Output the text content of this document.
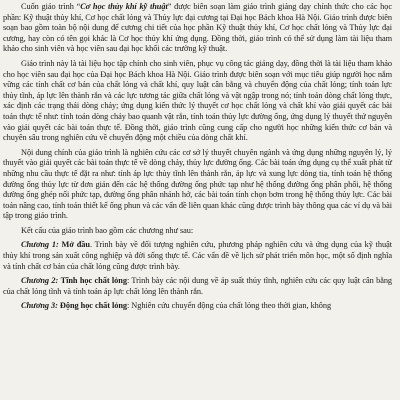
Cuốn giáo trình “Cơ học thủy khí kỹ thuật” được biên soạn làm giáo trình giảng dạy chính thức cho các học phần: Kỹ thuật thủy khí, Cơ học chất lỏng và Thủy lực đại cương tại Đại học Bách khoa Hà Nội. Giáo trình được biên soạn bao gồm toàn bộ nội dung để cương chi tiết của học phần Kỹ thuật thủy khí, Cơ học chất lỏng và Thủy lực đại cương, hay còn có tên gọi khác là Cơ học thủy khí ứng dụng. Đồng thời, giáo trình có thể sử dụng làm tài liệu tham khảo cho sinh viên và học viên sau đại học khối các trường kỹ thuật.

Giáo trình này là tài liệu học tập chính cho sinh viên, phục vụ công tác giảng dạy, đồng thời là tài liệu tham khảo cho học viên sau đại học của Đại học Bách khoa Hà Nội. Giáo trình được biên soạn với mục tiêu giúp người học nắm vững các tính chất cơ bản của chất lỏng và chất khí, quy luật cân bằng và chuyển động của chất lỏng; tính toán lực thủy tĩnh, áp lực lên thành rắn và các lực tương tác giữa chất lỏng và vật ngập trong nó; tính toán dòng chất lỏng thực, xác định các trạng thái dòng chảy; ứng dụng kiến thức lý thuyết cơ học chất lỏng và chất khí vào giải quyết các bài toán thực tế như: tính toán dòng chảy bao quanh vật rắn, tính toán thủy lực đường ống, ứng dụng lý thuyết thứ nguyên vào giải quyết các bài toán thực tế. Đồng thời, giáo trình cũng cung cấp cho người học những kiến thức cơ bản và chuyên sâu trong nghiên cứu về chuyển động một chiều của dòng chất khí.

Nội dung chính của giáo trình là nghiên cứu các cơ sở lý thuyết chuyên ngành và ứng dụng những nguyên lý, lý thuyết vào giải quyết các bài toán thực tế về dòng chảy, thủy lực đường ống. Các bài toán ứng dụng cụ thể xuất phát từ những nhu cầu thực tế đặt ra như: tính áp lực thủy tĩnh lên thành rắn, áp lực và xung lực dòng tia, tính toán hệ thống đường ống thủy lực từ đơn giản đến các hệ thống đường ống phức tạp như hệ thống đường ống phân phối, hệ thống đường ống ghép nối phức tạp, đường ống phân nhánh hở, các bài toán tính chọn bơm trong hệ thống thủy lực. Các bài toán nâng cao, tính toán thiết kế ống phun và các vấn đề liên quan khác cũng được trình bày thông qua các ví dụ và bài tập trong giáo trình.

Kết cấu của giáo trình bao gồm các chương như sau:

Chương 1: Mở đầu. Trình bày về đối tượng nghiên cứu, phương pháp nghiên cứu và ứng dụng của kỹ thuật thủy khí trong sản xuất công nghiệp và đời sống thực tế. Các vấn đề về lịch sử phát triển môn học, một số định nghĩa và tính chất cơ bản của chất lỏng cũng được trình bày.

Chương 2: Tĩnh học chất lỏng: Trình bày các nội dung về áp suất thủy tĩnh, nghiên cứu các quy luật cân bằng của chất lỏng tĩnh và tính toán áp lực chất lỏng lên thành rắn.

Chương 3: Động học chất lỏng: Nghiên cứu chuyển động của chất lỏng theo thời gian, không
